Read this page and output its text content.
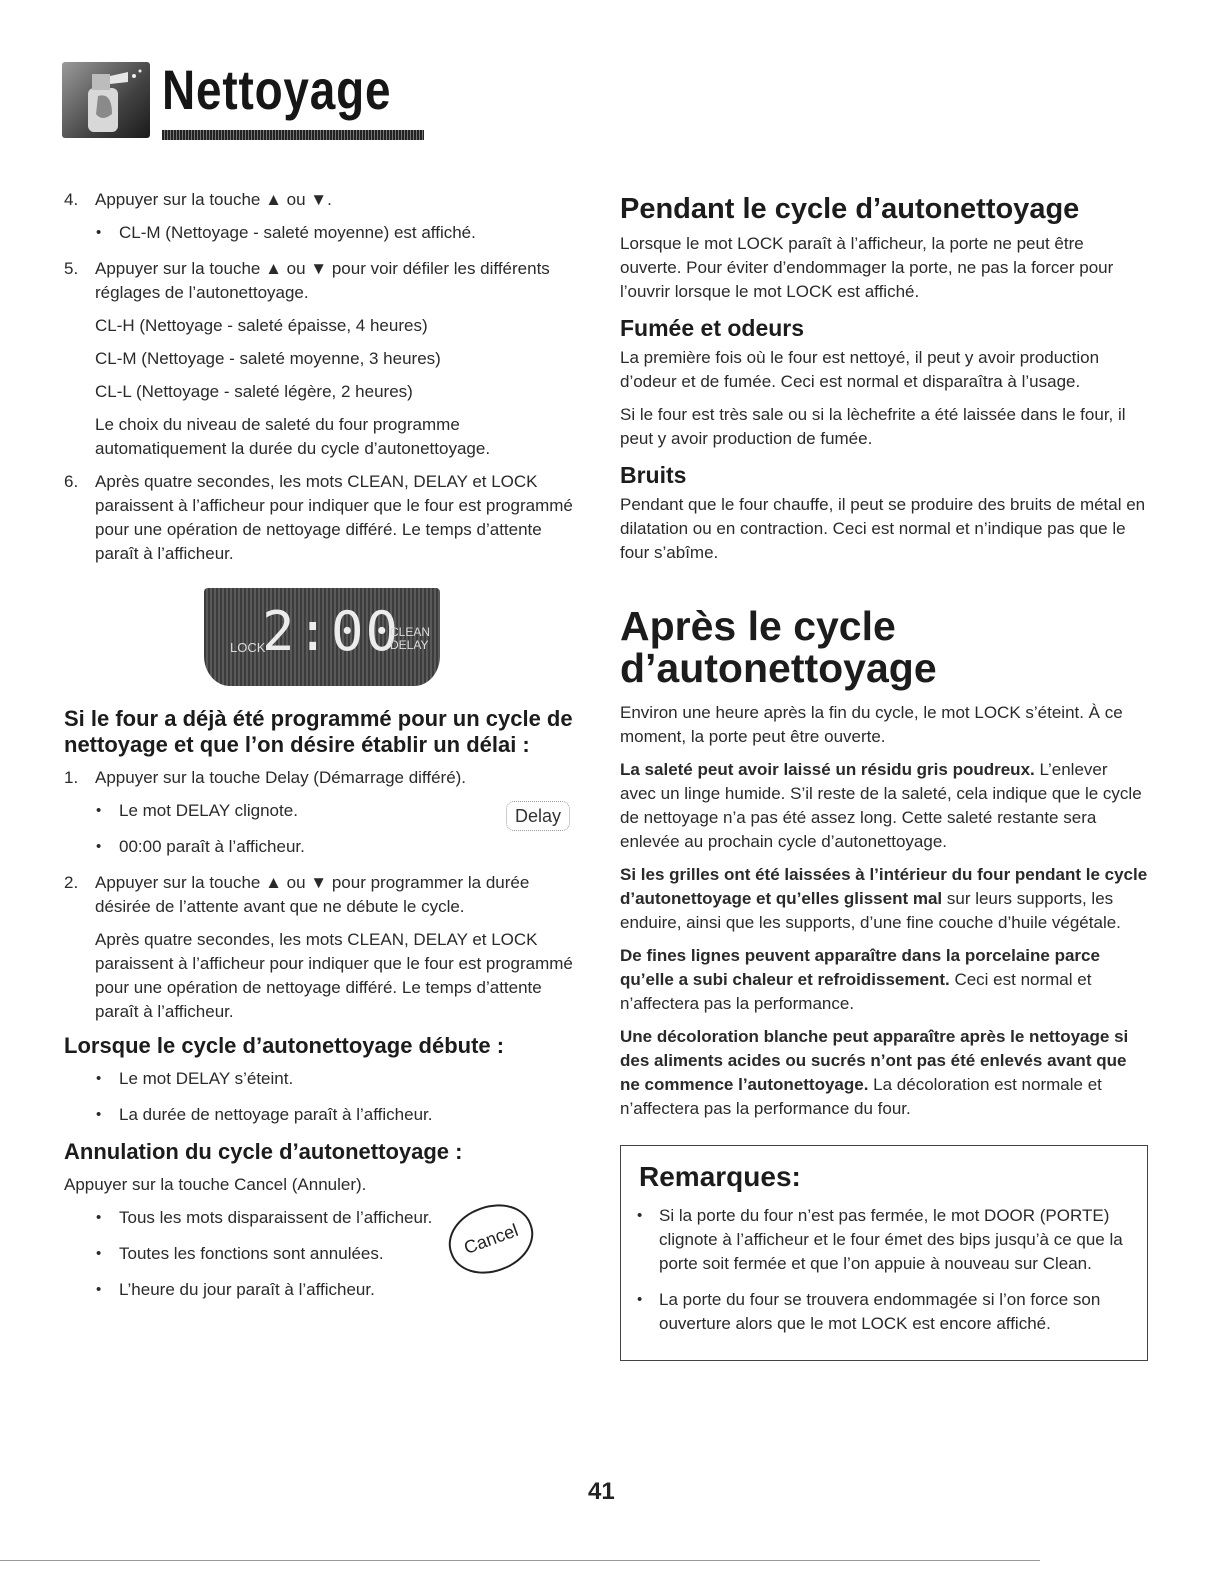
Nettoyage
4. Appuyer sur la touche ▲ ou ▼.
• CL-M (Nettoyage - saleté moyenne) est affiché.
5. Appuyer sur la touche ▲ ou ▼ pour voir défiler les différents réglages de l’autonettoyage.

CL-H (Nettoyage - saleté épaisse, 4 heures)

CL-M (Nettoyage - saleté moyenne, 3 heures)

CL-L (Nettoyage - saleté légère, 2 heures)

Le choix du niveau de saleté du four programme automatiquement la durée du cycle d’autonettoyage.

6. Après quatre secondes, les mots CLEAN, DELAY et LOCK paraissent à l’afficheur pour indiquer que le four est programmé pour une opération de nettoyage différé. Le temps d’attente paraît à l’afficheur.
LOCK
2:00
CLEAN
DELAY
Si le four a déjà été programmé pour un cycle de nettoyage et que l’on désire établir un délai :
1. Appuyer sur la touche Delay (Démarrage différé).
Delay
• Le mot DELAY clignote.
• 00:00 paraît à l’afficheur.
2. Appuyer sur la touche ▲ ou ▼ pour programmer la durée désirée de l’attente avant que ne débute le cycle.

Après quatre secondes, les mots CLEAN, DELAY et LOCK paraissent à l’afficheur pour indiquer que le four est programmé pour une opération de nettoyage différé. Le temps d’attente paraît à l’afficheur.

Lorsque le cycle d’autonettoyage débute :
• Le mot DELAY s’éteint.
• La durée de nettoyage paraît à l’afficheur.
Annulation du cycle d’autonettoyage :

Appuyer sur la touche Cancel (Annuler).

Cancel
• Tous les mots disparaissent de l’afficheur.
• Toutes les fonctions sont annulées.
• L’heure du jour paraît à l’afficheur.
Pendant le cycle d’autonettoyage

Lorsque le mot LOCK paraît à l’afficheur, la porte ne peut être ouverte. Pour éviter d’endommager la porte, ne pas la forcer pour l’ouvrir lorsque le mot LOCK est affiché.

Fumée et odeurs

La première fois où le four est nettoyé, il peut y avoir production d’odeur et de fumée. Ceci est normal et disparaîtra à l’usage.

Si le four est très sale ou si la lèchefrite a été laissée dans le four, il peut y avoir production de fumée.

Bruits

Pendant que le four chauffe, il peut se produire des bruits de métal en dilatation ou en contraction. Ceci est normal et n’indique pas que le four s’abîme.

Après le cycle
d’autonettoyage

Environ une heure après la fin du cycle, le mot LOCK s’éteint. À ce moment, la porte peut être ouverte.

La saleté peut avoir laissé un résidu gris poudreux. L’enlever avec un linge humide. S’il reste de la saleté, cela indique que le cycle de nettoyage n’a pas été assez long. Cette saleté restante sera enlevée au prochain cycle d’autonettoyage.

Si les grilles ont été laissées à l’intérieur du four pendant le cycle d’autonettoyage et qu’elles glissent mal sur leurs supports, les enduire, ainsi que les supports, d’une fine couche d’huile végétale.

De fines lignes peuvent apparaître dans la porcelaine parce qu’elle a subi chaleur et refroidissement. Ceci est normal et n’affectera pas la performance.

Une décoloration blanche peut apparaître après le nettoyage si des aliments acides ou sucrés n’ont pas été enlevés avant que ne commence l’autonettoyage. La décoloration est normale et n’affectera pas la performance du four.

Remarques:
• Si la porte du four n’est pas fermée, le mot DOOR (PORTE) clignote à l’afficheur et le four émet des bips jusqu’à ce que la porte soit fermée et que l’on appuie à nouveau sur Clean.
• La porte du four se trouvera endommagée si l’on force son ouverture alors que le mot LOCK est encore affiché.
41
